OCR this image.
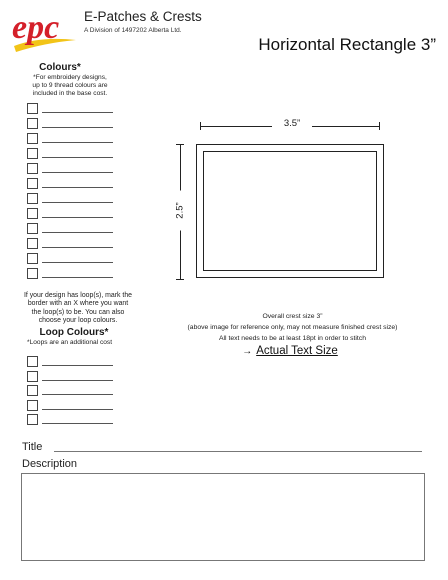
epc E-Patches & Crests
A Division of 1497202 Alberta Ltd.
Horizontal Rectangle 3”
Colours*
*For embroidery designs,
up to 9 thread colours are
included in the base cost.
If your design has loop(s), mark the
border with an X where you want
the loop(s) to be. You can also
choose your loop colours.
Loop Colours*
*Loops are an additional cost
3.5”
2.5”
Overall crest size 3”
(above image for reference only, may not measure finished crest size)
All text needs to be at least 18pt in order to stitch
→ Actual Text Size
Title
Description
